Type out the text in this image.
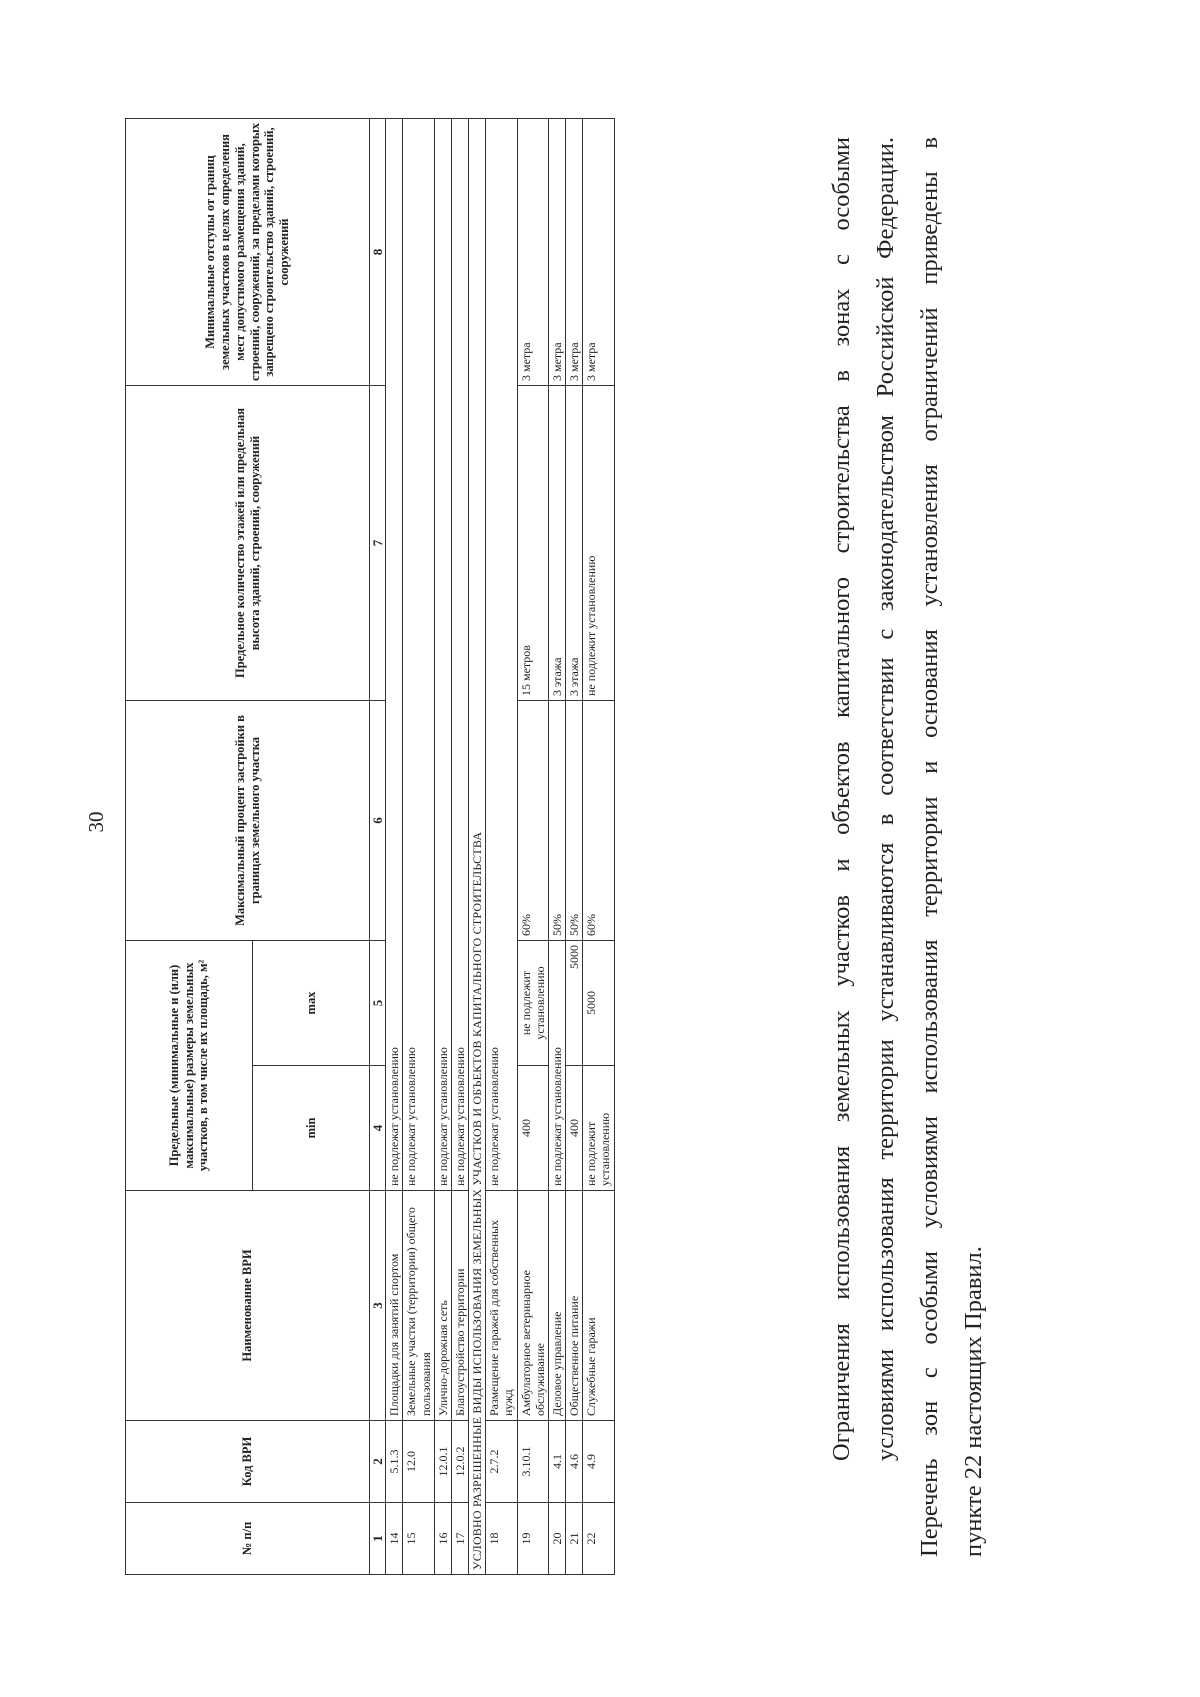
30
№ п/п	Код ВРИ	Наименование ВРИ	Предельные (минимальные и (или) максимальные) размеры земельных участков, в том числе их площадь, м²		Максимальный процент застройки в границах земельного участка	Предельное количество этажей или предельная высота зданий, строений, сооружений	Минимальные отступы от границ земельных участков в целях определения мест допустимого размещения зданий, строений, сооружений, за пределами которых запрещено строительство зданий, строений, сооружений
			min	max			
1	2	3	4	5	6	7	8
14	5.1.3	Площадки для занятий спортом	не подлежат установлению				
15	12.0	Земельные участки (территории) общего пользования	не подлежат установлению				
16	12.0.1	Улично-дорожная сеть	не подлежат установлению				
17	12.0.2	Благоустройство территории	не подлежат установлению				
УСЛОВНО РАЗРЕШЕННЫЕ ВИДЫ ИСПОЛЬЗОВАНИЯ ЗЕМЕЛЬНЫХ УЧАСТКОВ И ОБЪЕКТОВ КАПИТАЛЬНОГО СТРОИТЕЛЬСТВА							
18	2.7.2	Размещение гаражей для собственных нужд	не подлежат установлению				
19	3.10.1	Амбулаторное ветеринарное обслуживание	400	не подлежит установлению	60%	15 метров	3 метра
20	4.1	Деловое управление	не подлежат установлению		50%	3 этажа	3 метра
21	4.6	Общественное питание	400	5000	50%	3 этажа	3 метра
22	4.9	Служебные гаражи	не подлежит установлению	5000	60%	не подлежит установлению	3 метра	Ограничения использования земельных участков и объектов капитального строительства в зонах с особыми условиями использования территории устанавливаются в соответствии с законодательством Российской Федерации. Перечень зон с особыми условиями использования территории и основания установления ограничений приведены в пункте 22 настоящих Правил.
